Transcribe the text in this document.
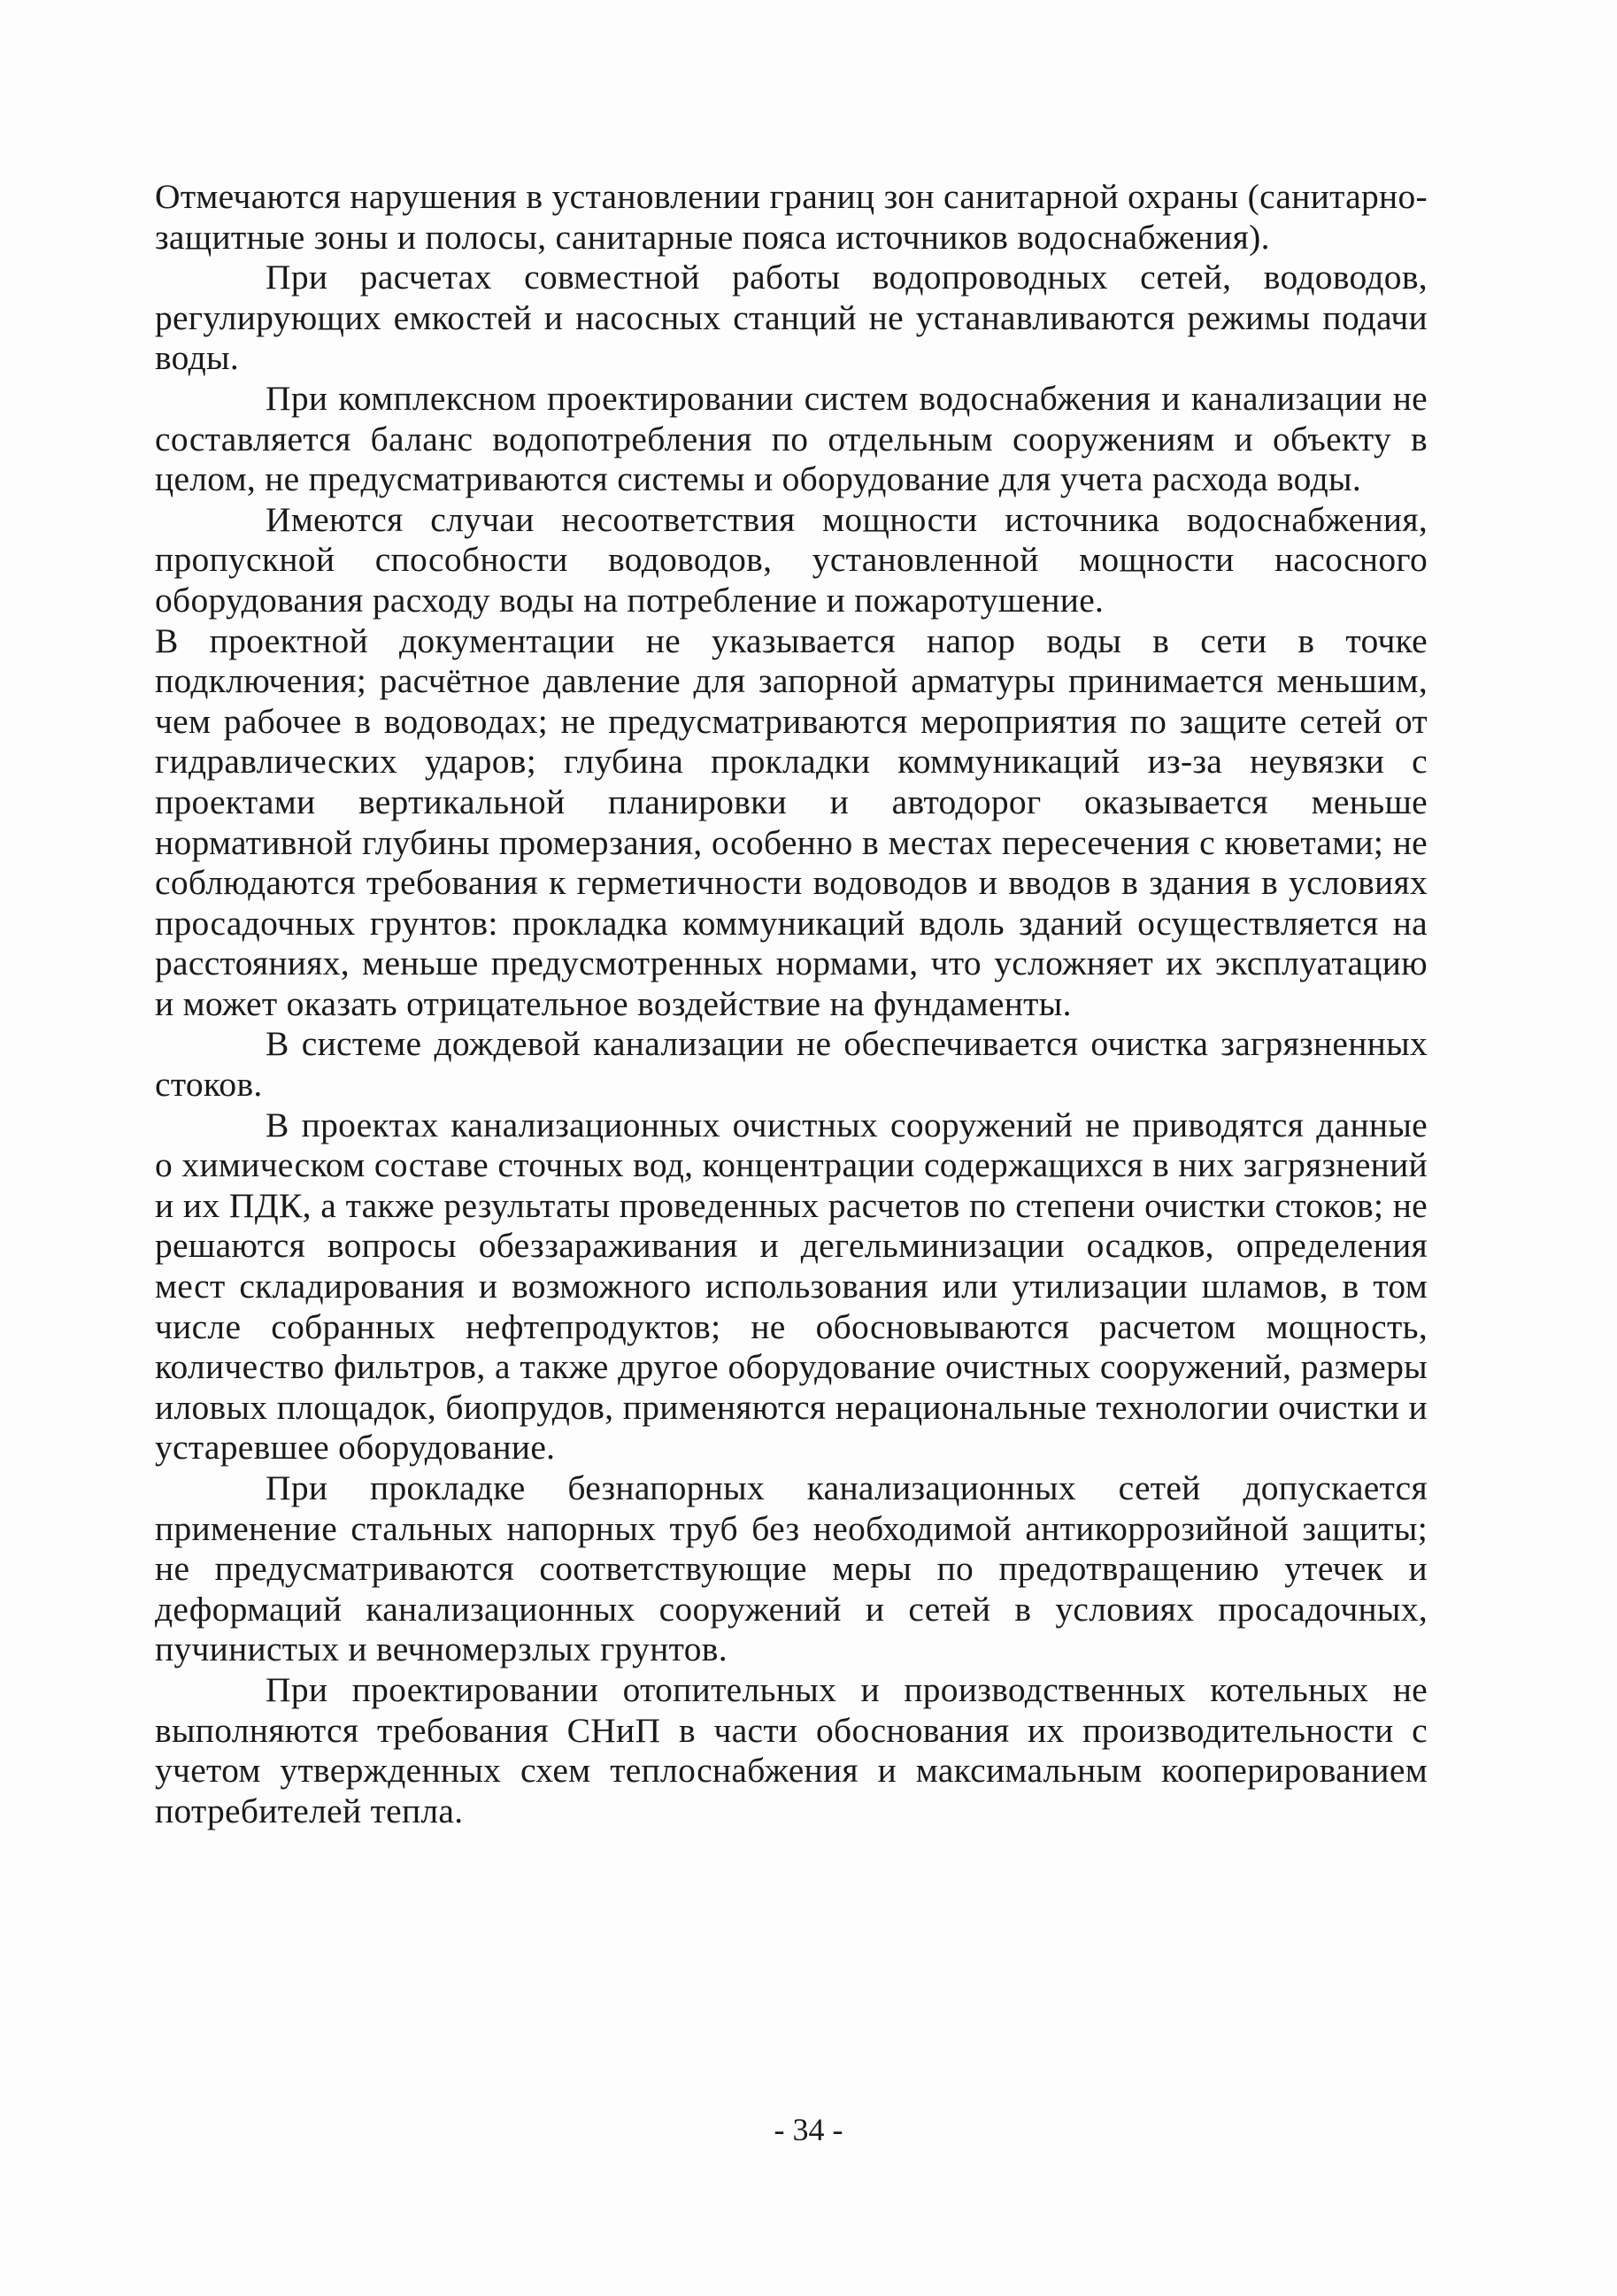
Отмечаются нарушения в установлении границ зон санитарной охраны (санитарно-защитные зоны и полосы, санитарные пояса источников водоснабжения).

При расчетах совместной работы водопроводных сетей, водоводов, регулирующих емкостей и насосных станций не устанавливаются режимы подачи воды.

При комплексном проектировании систем водоснабжения и канализации не составляется баланс водопотребления по отдельным сооружениям и объекту в целом, не предусматриваются системы и оборудование для учета расхода воды.

Имеются случаи несоответствия мощности источника водоснабжения, пропускной способности водоводов, установленной мощности насосного оборудования расходу воды на потребление и пожаротушение.

В проектной документации не указывается напор воды в сети в точке подключения; расчётное давление для запорной арматуры принимается меньшим, чем рабочее в водоводах; не предусматриваются мероприятия по защите сетей от гидравлических ударов; глубина прокладки коммуникаций из-за неувязки с проектами вертикальной планировки и автодорог оказывается меньше нормативной глубины промерзания, особенно в местах пересечения с кюветами; не соблюдаются требования к герметичности водоводов и вводов в здания в условиях просадочных грунтов: прокладка коммуникаций вдоль зданий осуществляется на расстояниях, меньше предусмотренных нормами, что усложняет их эксплуатацию и может оказать отрицательное воздействие на фундаменты.

В системе дождевой канализации не обеспечивается очистка загрязненных стоков.

В проектах канализационных очистных сооружений не приводятся данные о химическом составе сточных вод, концентрации содержащихся в них загрязнений и их ПДК, а также результаты проведенных расчетов по степени очистки стоков; не решаются вопросы обеззараживания и дегельминизации осадков, определения мест складирования и возможного использования или утилизации шламов, в том числе собранных нефтепродуктов; не обосновываются расчетом мощность, количество фильтров, а также другое оборудование очистных сооружений, размеры иловых площадок, биопрудов, применяются нерациональные технологии очистки и устаревшее оборудование.

При прокладке безнапорных канализационных сетей допускается применение стальных напорных труб без необходимой антикоррозийной защиты; не предусматриваются соответствующие меры по предотвращению утечек и деформаций канализационных сооружений и сетей в условиях просадочных, пучинистых и вечномерзлых грунтов.

При проектировании отопительных и производственных котельных не выполняются требования СНиП в части обоснования их производительности с учетом утвержденных схем теплоснабжения и максимальным кооперированием потребителей тепла.

- 34 -
